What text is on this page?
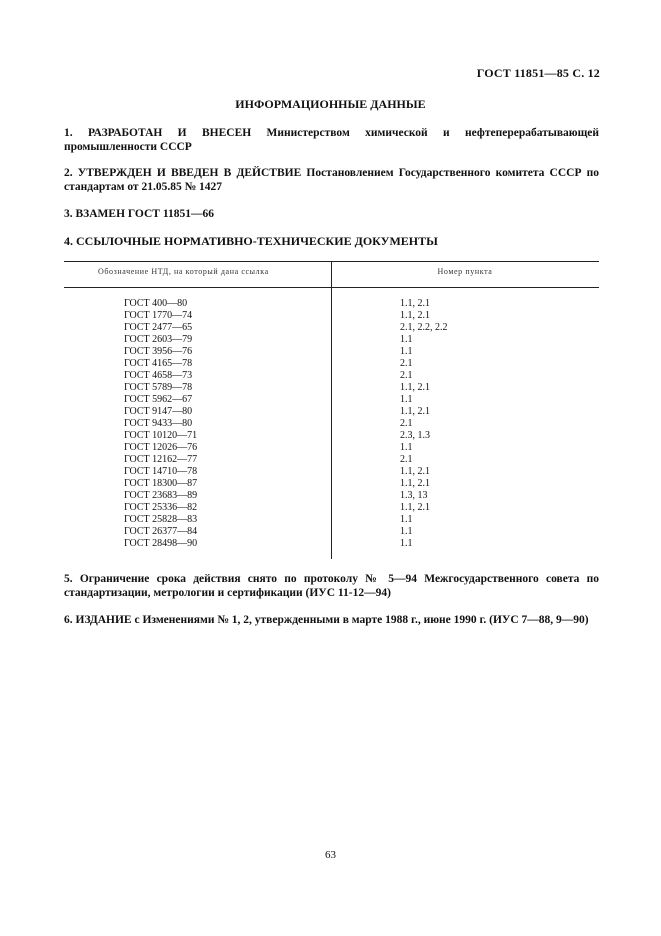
ГОСТ 11851—85 С. 12
ИНФОРМАЦИОННЫЕ ДАННЫЕ
1. РАЗРАБОТАН И ВНЕСЕН Министерством химической и нефтеперерабатывающей промышленности СССР
2. УТВЕРЖДЕН И ВВЕДЕН В ДЕЙСТВИЕ Постановлением Государственного комитета СССР по стандартам от 21.05.85 № 1427
3. ВЗАМЕН ГОСТ 11851—66
4. ССЫЛОЧНЫЕ НОРМАТИВНО-ТЕХНИЧЕСКИЕ ДОКУМЕНТЫ
Обозначение НТД, на который дана ссылка	Номер пункта
ГОСТ 400—80	1.1, 2.1
ГОСТ 1770—74	1.1, 2.1
ГОСТ 2477—65	2.1, 2.2, 2.2
ГОСТ 2603—79	1.1
ГОСТ 3956—76	1.1
ГОСТ 4165—78	2.1
ГОСТ 4658—73	2.1
ГОСТ 5789—78	1.1, 2.1
ГОСТ 5962—67	1.1
ГОСТ 9147—80	1.1, 2.1
ГОСТ 9433—80	2.1
ГОСТ 10120—71	2.3, 1.3
ГОСТ 12026—76	1.1
ГОСТ 12162—77	2.1
ГОСТ 14710—78	1.1, 2.1
ГОСТ 18300—87	1.1, 2.1
ГОСТ 23683—89	1.3, 13
ГОСТ 25336—82	1.1, 2.1
ГОСТ 25828—83	1.1
ГОСТ 26377—84	1.1
ГОСТ 28498—90	1.1
5. Ограничение срока действия снято по протоколу № 5—94 Межгосударственного совета по стандартизации, метрологии и сертификации (ИУС 11-12—94)
6. ИЗДАНИЕ с Изменениями № 1, 2, утвержденными в марте 1988 г., июне 1990 г. (ИУС 7—88, 9—90)
63
